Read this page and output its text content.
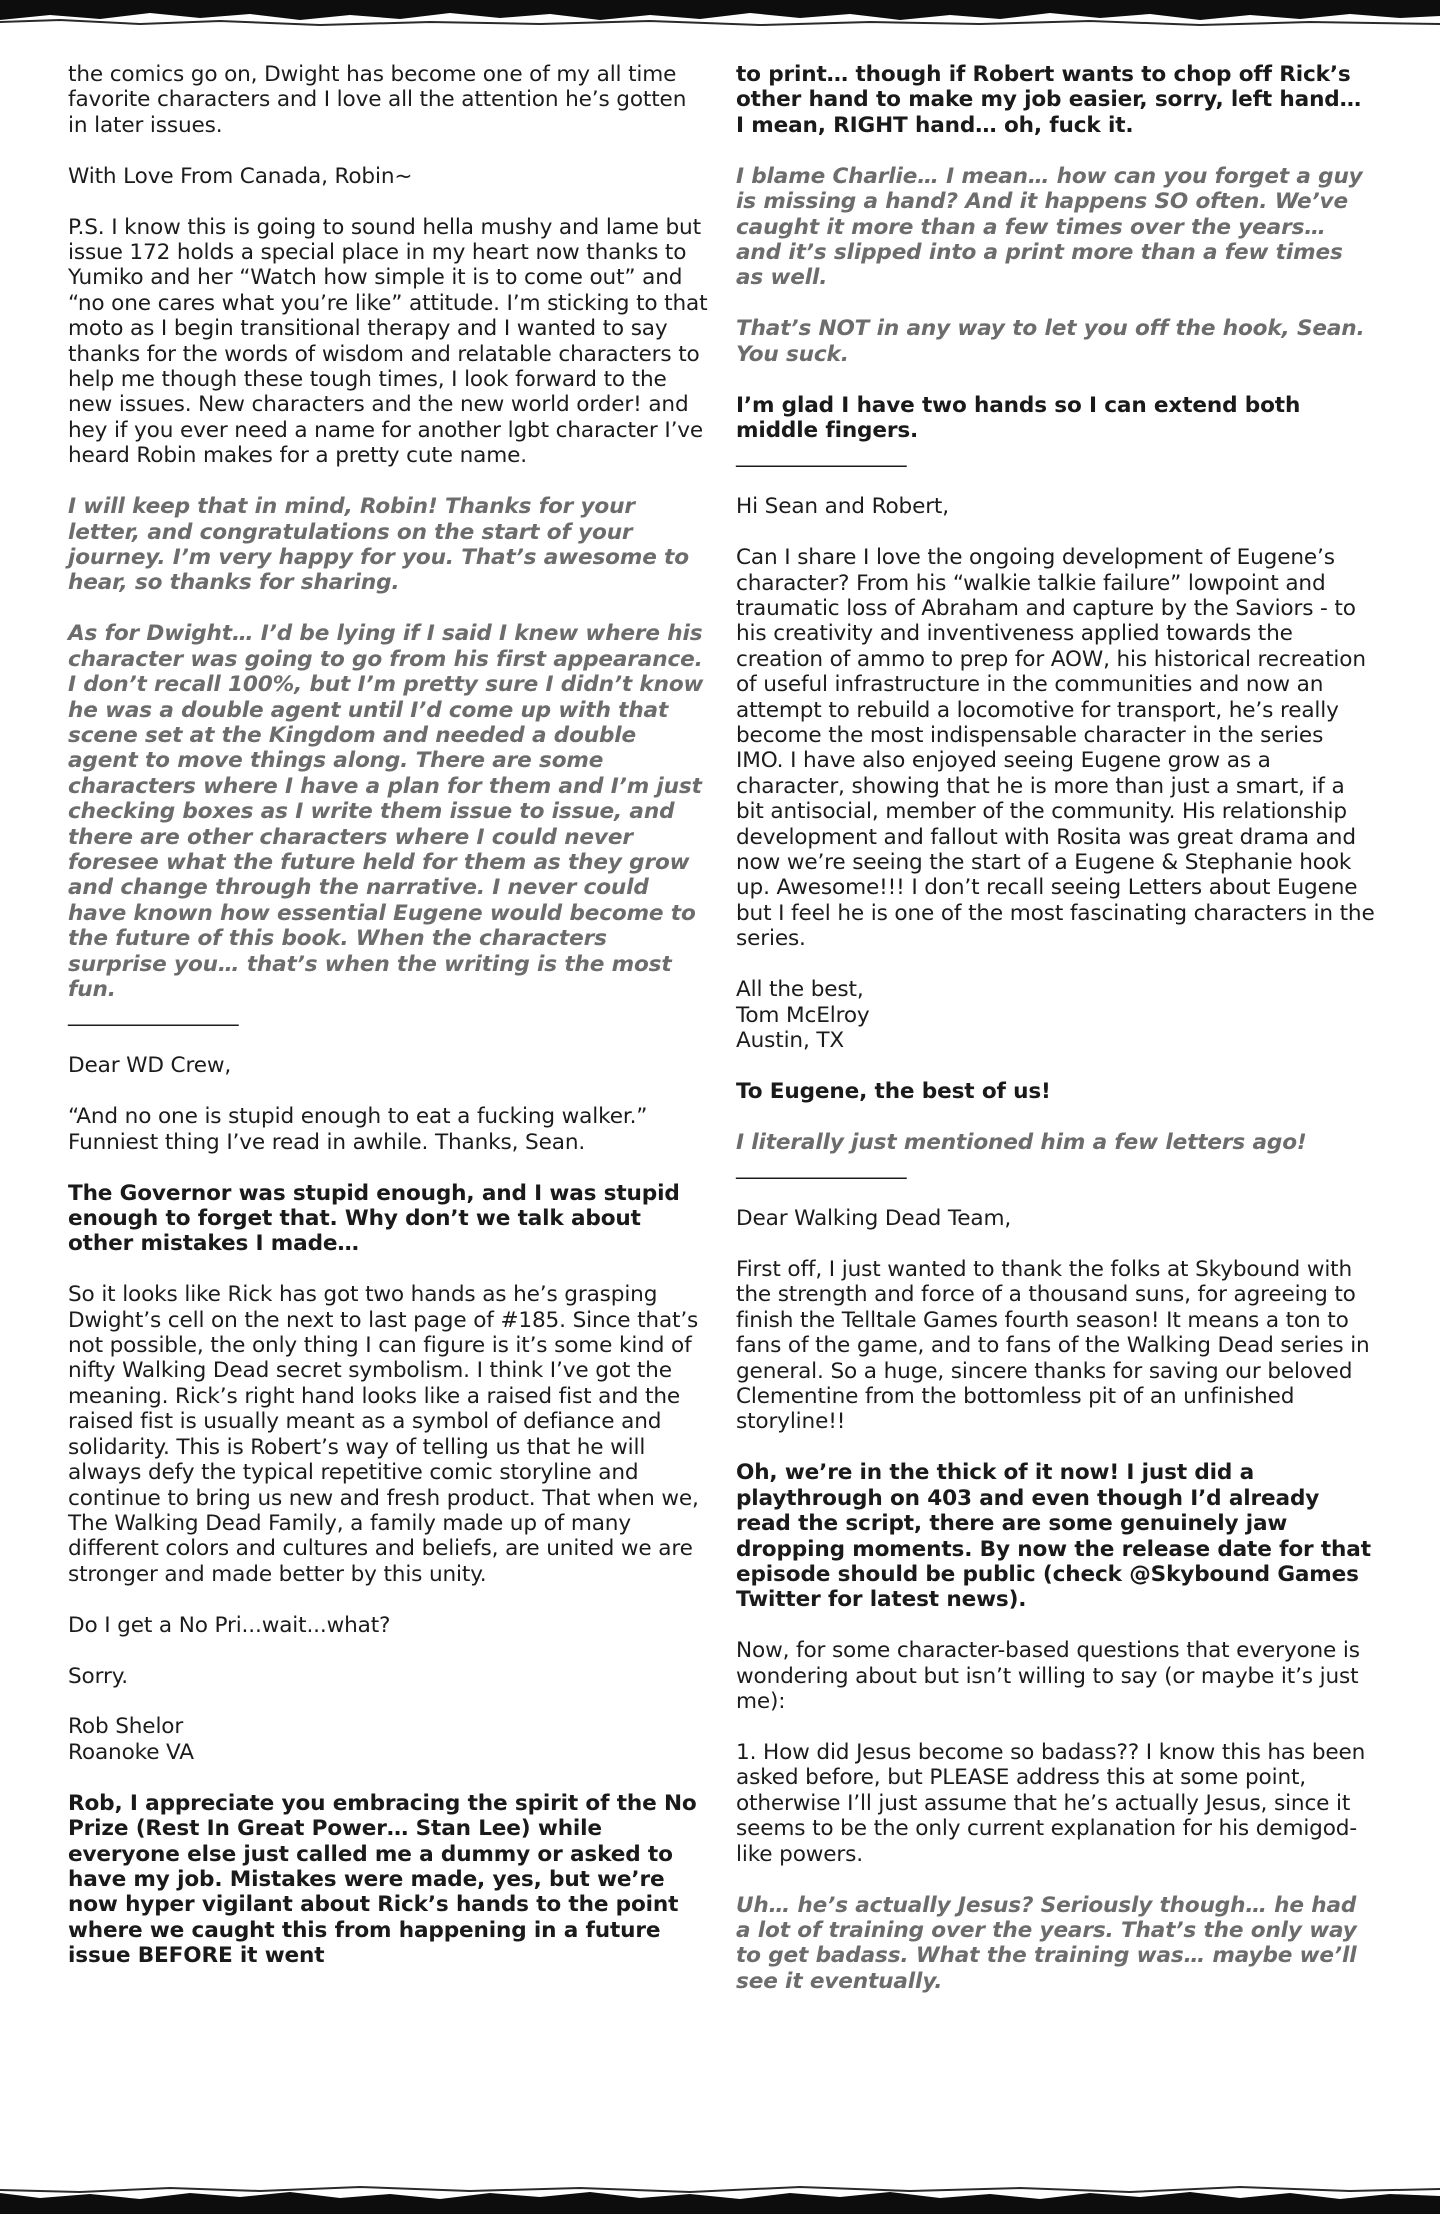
the comics go on, Dwight has become one of my all time favorite characters and I love all the attention he’s gotten in later issues.

With Love From Canada, Robin~

P.S. I know this is going to sound hella mushy and lame but issue 172 holds a special place in my heart now thanks to Yumiko and her “Watch how simple it is to come out” and “no one cares what you’re like” attitude. I’m sticking to that moto as I begin transitional therapy and I wanted to say thanks for the words of wisdom and relatable characters to help me though these tough times, I look forward to the new issues. New characters and the new world order! and hey if you ever need a name for another lgbt character I’ve heard Robin makes for a pretty cute name.

I will keep that in mind, Robin! Thanks for your letter, and congratulations on the start of your journey. I’m very happy for you. That’s awesome to hear, so thanks for sharing.

As for Dwight… I’d be lying if I said I knew where his character was going to go from his first appearance. I don’t recall 100%, but I’m pretty sure I didn’t know he was a double agent until I’d come up with that scene set at the Kingdom and needed a double agent to move things along. There are some characters where I have a plan for them and I’m just checking boxes as I write them issue to issue, and there are other characters where I could never foresee what the future held for them as they grow and change through the narrative. I never could have known how essential Eugene would become to the future of this book. When the characters surprise you… that’s when the writing is the most fun.

________________

Dear WD Crew,

“And no one is stupid enough to eat a fucking walker.” Funniest thing I’ve read in awhile. Thanks, Sean.

The Governor was stupid enough, and I was stupid enough to forget that. Why don’t we talk about other mistakes I made…

So it looks like Rick has got two hands as he’s grasping Dwight’s cell on the next to last page of #185. Since that’s not possible, the only thing I can figure is it’s some kind of nifty Walking Dead secret symbolism. I think I’ve got the meaning. Rick’s right hand looks like a raised fist and the raised fist is usually meant as a symbol of defiance and solidarity. This is Robert’s way of telling us that he will always defy the typical repetitive comic storyline and continue to bring us new and fresh product. That when we, The Walking Dead Family, a family made up of many different colors and cultures and beliefs, are united we are stronger and made better by this unity.

Do I get a No Pri...wait...what?

Sorry.

Rob Shelor
Roanoke VA

Rob, I appreciate you embracing the spirit of the No Prize (Rest In Great Power… Stan Lee) while everyone else just called me a dummy or asked to have my job. Mistakes were made, yes, but we’re now hyper vigilant about Rick’s hands to the point where we caught this from happening in a future issue BEFORE it went

to print… though if Robert wants to chop off Rick’s other hand to make my job easier, sorry, left hand… I mean, RIGHT hand… oh, fuck it.

I blame Charlie… I mean… how can you forget a guy is missing a hand? And it happens SO often. We’ve caught it more than a few times over the years… and it’s slipped into a print more than a few times as well.

That’s NOT in any way to let you off the hook, Sean. You suck.

I’m glad I have two hands so I can extend both middle fingers.

________________

Hi Sean and Robert,

Can I share I love the ongoing development of Eugene’s character? From his “walkie talkie failure” lowpoint and traumatic loss of Abraham and capture by the Saviors - to his creativity and inventiveness applied towards the creation of ammo to prep for AOW, his historical recreation of useful infrastructure in the communities and now an attempt to rebuild a locomotive for transport, he’s really become the most indispensable character in the series IMO. I have also enjoyed seeing Eugene grow as a character, showing that he is more than just a smart, if a bit antisocial, member of the community. His relationship development and fallout with Rosita was great drama and now we’re seeing the start of a Eugene & Stephanie hook up. Awesome!!! I don’t recall seeing Letters about Eugene but I feel he is one of the most fascinating characters in the series.

All the best,
Tom McElroy
Austin, TX

To Eugene, the best of us!

I literally just mentioned him a few letters ago!

________________

Dear Walking Dead Team,

First off, I just wanted to thank the folks at Skybound with the strength and force of a thousand suns, for agreeing to finish the Telltale Games fourth season! It means a ton to fans of the game, and to fans of the Walking Dead series in general. So a huge, sincere thanks for saving our beloved Clementine from the bottomless pit of an unfinished storyline!!

Oh, we’re in the thick of it now! I just did a playthrough on 403 and even though I’d already read the script, there are some genuinely jaw dropping moments. By now the release date for that episode should be public (check @Skybound Games Twitter for latest news).

Now, for some character-based questions that everyone is wondering about but isn’t willing to say (or maybe it’s just me):

1. How did Jesus become so badass?? I know this has been asked before, but PLEASE address this at some point, otherwise I’ll just assume that he’s actually Jesus, since it seems to be the only current explanation for his demigod-like powers.

Uh… he’s actually Jesus? Seriously though… he had a lot of training over the years. That’s the only way to get badass. What the training was… maybe we’ll see it eventually.
